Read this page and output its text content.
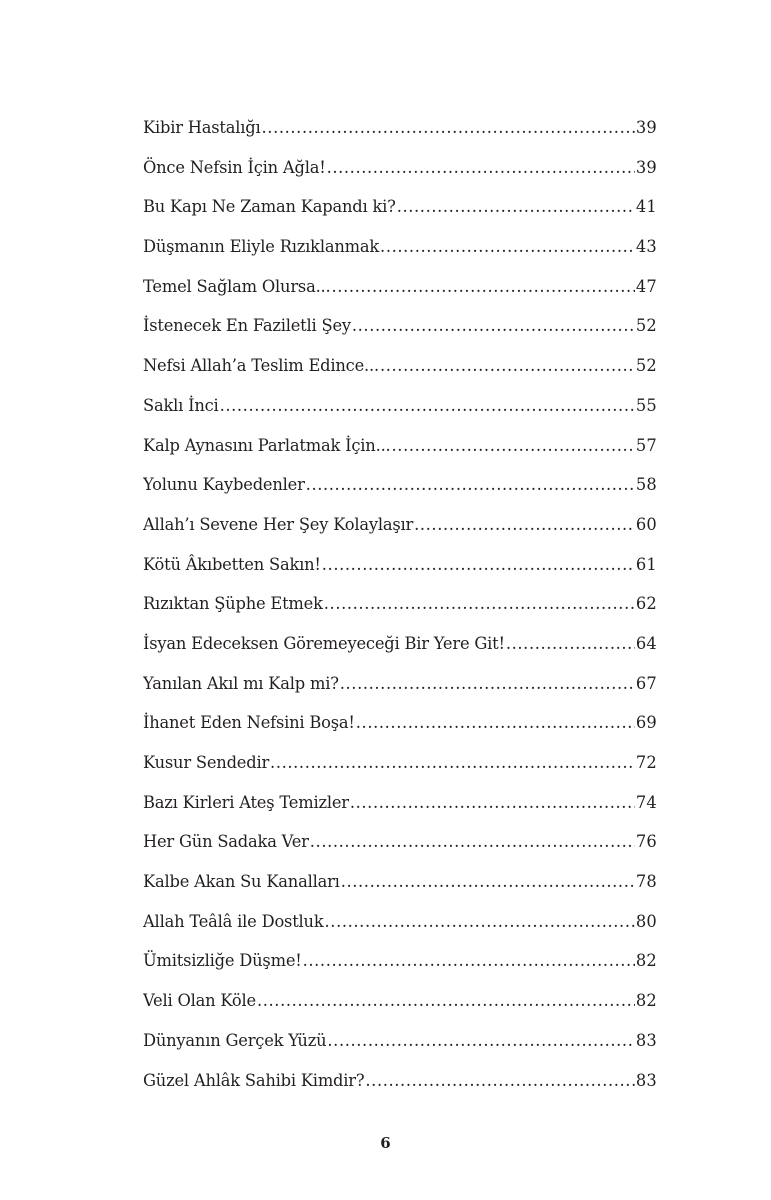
Kibir Hastalığı .....	39
Önce Nefsin İçin Ağla! .....	39
Bu Kapı Ne Zaman Kapandı ki? .....	41
Düşmanın Eliyle Rızıklanmak .....	43
Temel Sağlam Olursa... .....	47
İstenecek En Faziletli Şey .....	52
Nefsi Allah’a Teslim Edince... .....	52
Saklı İnci .....	55
Kalp Aynasını Parlatmak İçin... .....	57
Yolunu Kaybedenler .....	58
Allah’ı Sevene Her Şey Kolaylaşır .....	60
Kötü Âkıbetten Sakın! .....	61
Rızıktan Şüphe Etmek .....	62
İsyan Edeceksen Göremeyeceği Bir Yere Git! .....	64
Yanılan Akıl mı Kalp mi? .....	67
İhanet Eden Nefsini Boşa! .....	69
Kusur Sendedir .....	72
Bazı Kirleri Ateş Temizler .....	74
Her Gün Sadaka Ver .....	76
Kalbe Akan Su Kanalları .....	78
Allah Teâlâ ile Dostluk .....	80
Ümitsizliğe Düşme! .....	82
Veli Olan Köle .....	82
Dünyanın Gerçek Yüzü .....	83
Güzel Ahlâk Sahibi Kimdir? .....	83
6
